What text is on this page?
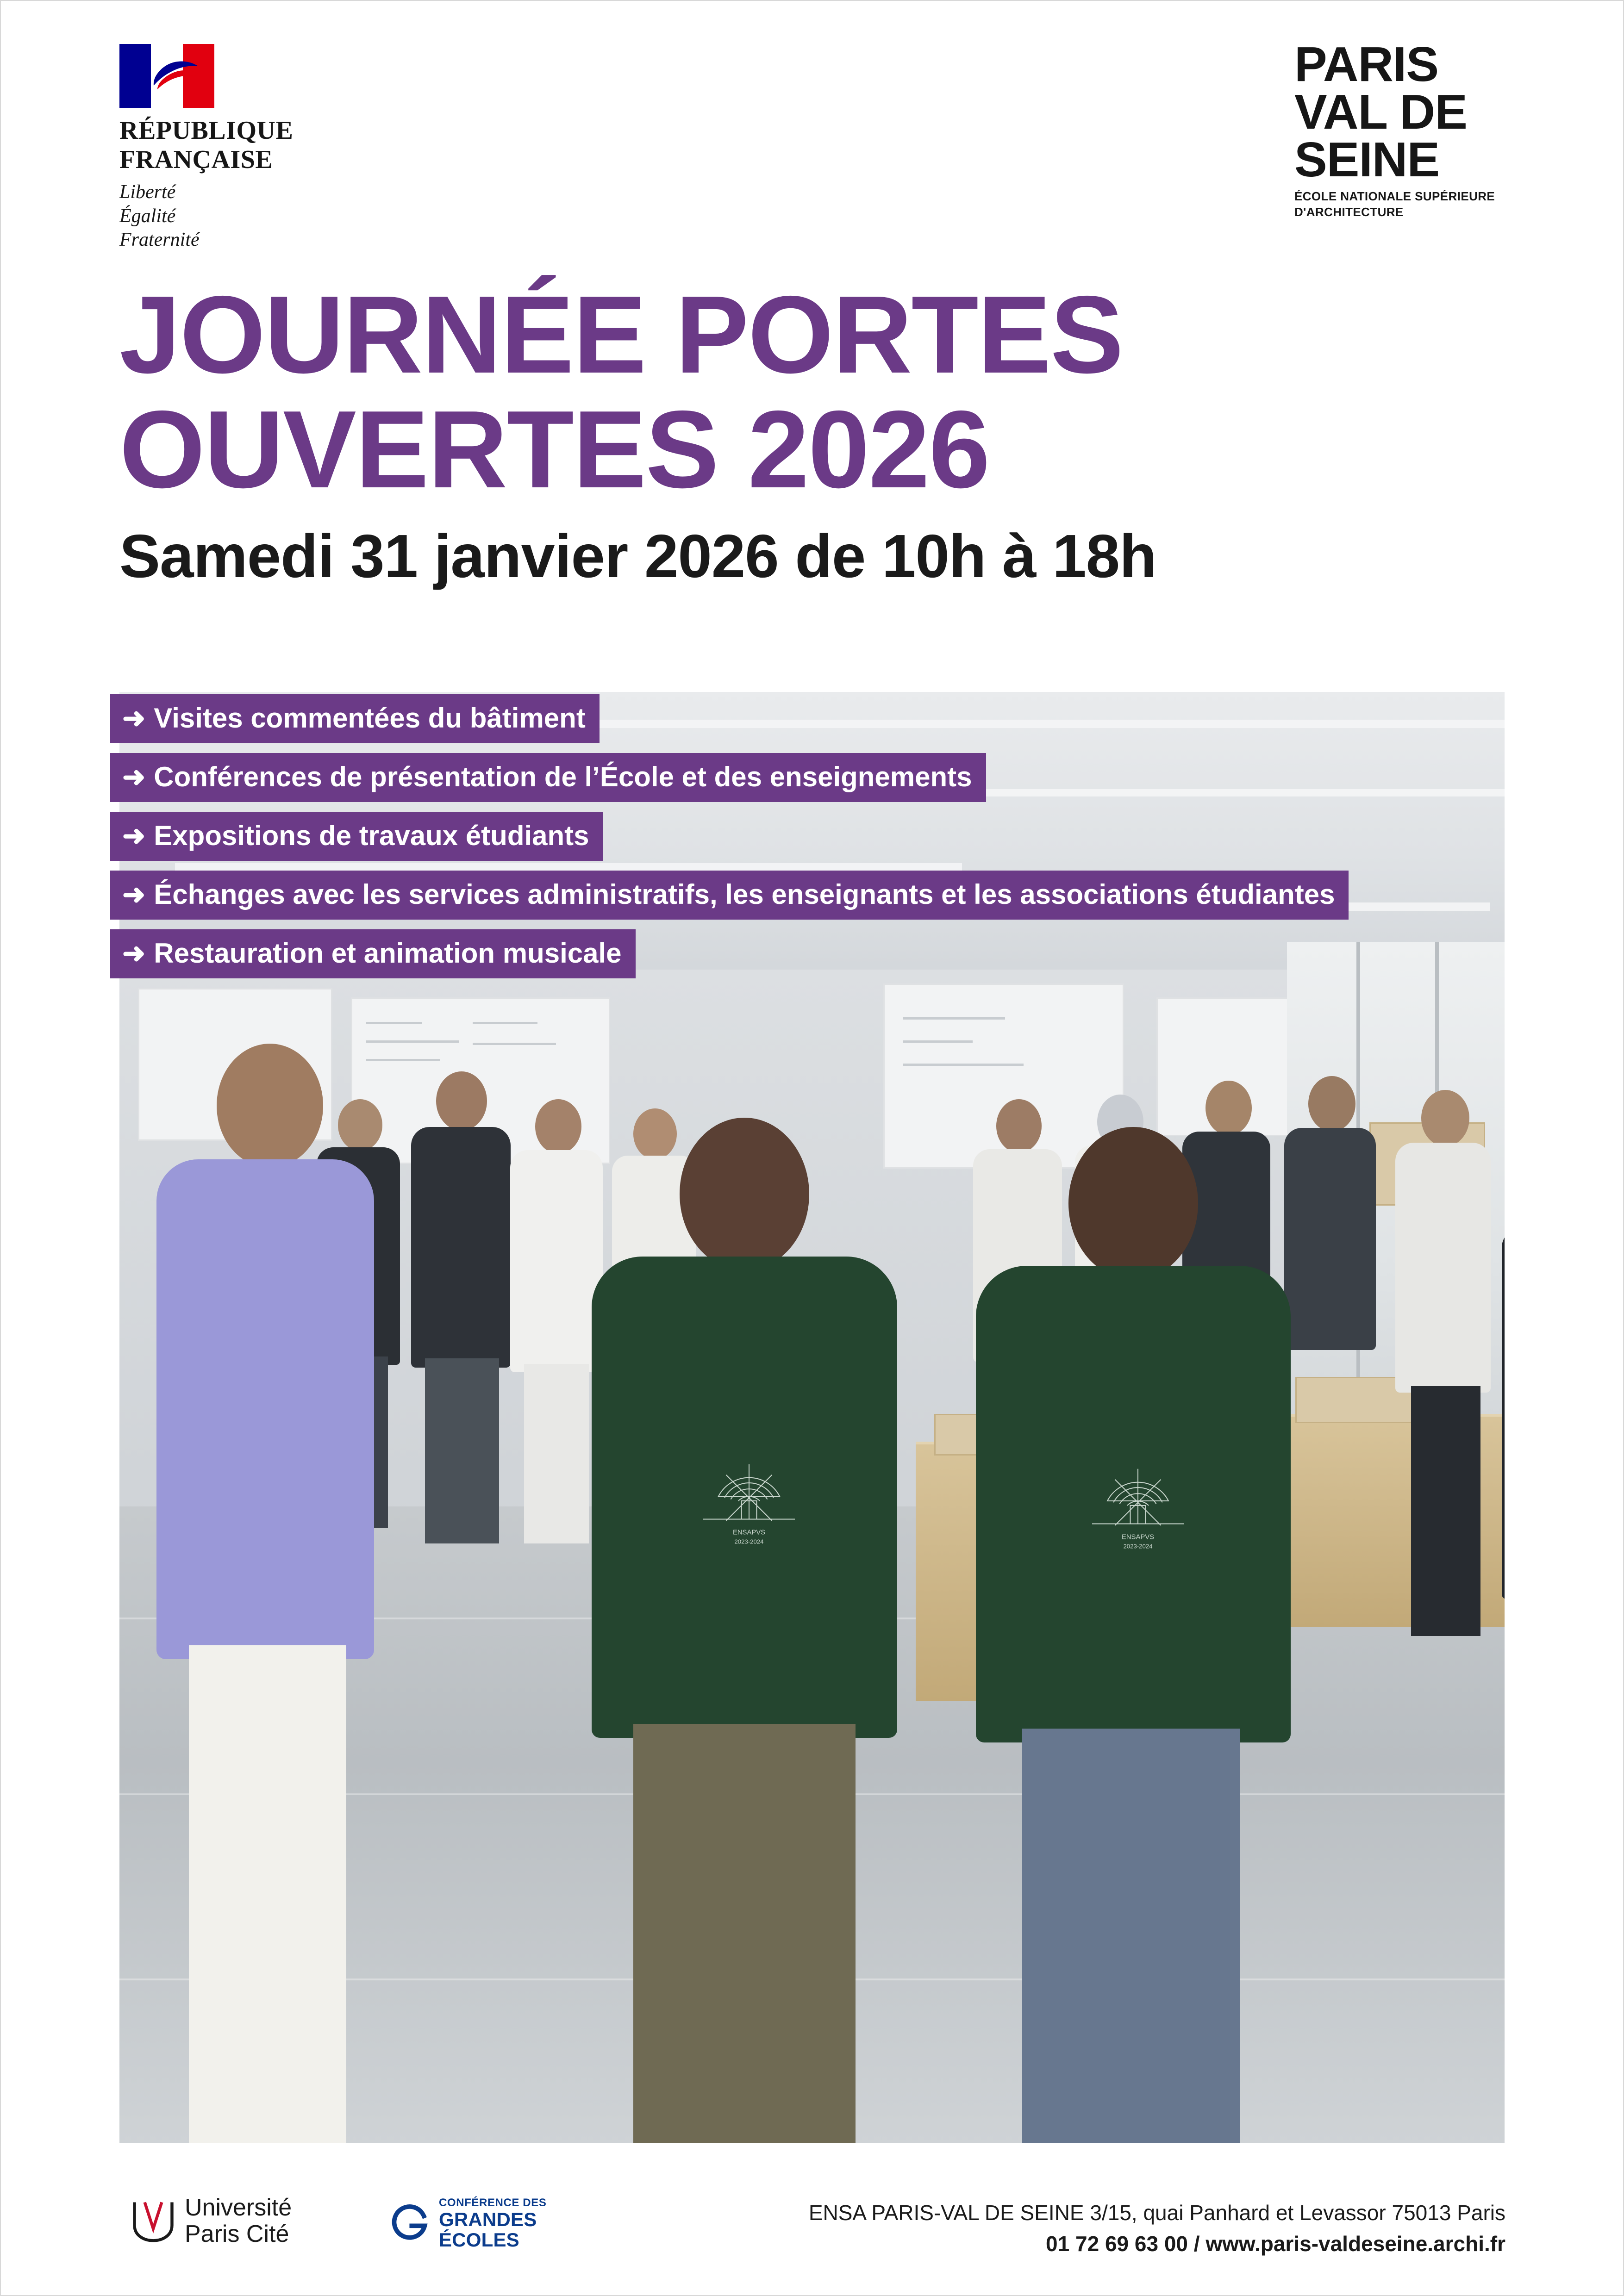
RÉPUBLIQUE
FRANÇAISE
Liberté
Égalité
Fraternité
PARIS
VAL DE
SEINE
ÉCOLE NATIONALE SUPÉRIEURE
D'ARCHITECTURE
JOURNÉE PORTES
OUVERTES 2026
Samedi 31 janvier 2026 de 10h à 18h
ENSAPVS
2023-2024
ENSAPVS
2023-2024
➜ Visites commentées du bâtiment
➜ Conférences de présentation de l’École et des enseignements
➜ Expositions de travaux étudiants
➜ Échanges avec les services administratifs, les enseignants et les associations étudiantes
➜ Restauration et animation musicale
Université
Paris Cité
CONFÉRENCE DES
GRANDES
ÉCOLES
ENSA PARIS-VAL DE SEINE 3/15, quai Panhard et Levassor 75013 Paris
01 72 69 63 00 / www.paris-valdeseine.archi.fr
